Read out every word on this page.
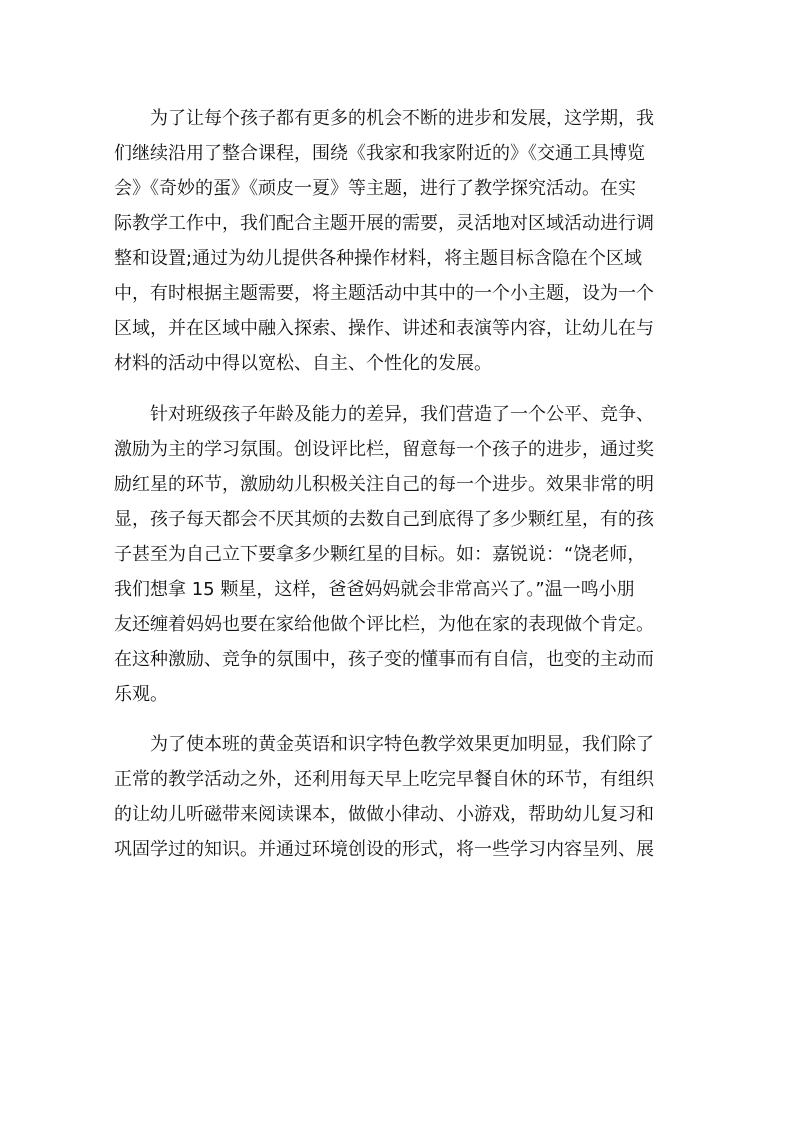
为了让每个孩子都有更多的机会不断的进步和发展，这学期，我
们继续沿用了整合课程，围绕《我家和我家附近的》《交通工具博览
会》《奇妙的蛋》《顽皮一夏》等主题，进行了教学探究活动。在实
际教学工作中，我们配合主题开展的需要，灵活地对区域活动进行调
整和设置;通过为幼儿提供各种操作材料，将主题目标含隐在个区域
中，有时根据主题需要，将主题活动中其中的一个小主题，设为一个
区域，并在区域中融入探索、操作、讲述和表演等内容，让幼儿在与
材料的活动中得以宽松、自主、个性化的发展。
针对班级孩子年龄及能力的差异，我们营造了一个公平、竞争、
激励为主的学习氛围。创设评比栏，留意每一个孩子的进步，通过奖
励红星的环节，激励幼儿积极关注自己的每一个进步。效果非常的明
显，孩子每天都会不厌其烦的去数自己到底得了多少颗红星，有的孩
子甚至为自己立下要拿多少颗红星的目标。如：嘉锐说：“饶老师，
我们想拿 15 颗星，这样，爸爸妈妈就会非常高兴了。”温一鸣小朋
友还缠着妈妈也要在家给他做个评比栏，为他在家的表现做个肯定。
在这种激励、竞争的氛围中，孩子变的懂事而有自信，也变的主动而
乐观。
为了使本班的黄金英语和识字特色教学效果更加明显，我们除了
正常的教学活动之外，还利用每天早上吃完早餐自休的环节，有组织
的让幼儿听磁带来阅读课本，做做小律动、小游戏，帮助幼儿复习和
巩固学过的知识。并通过环境创设的形式，将一些学习内容呈列、展
